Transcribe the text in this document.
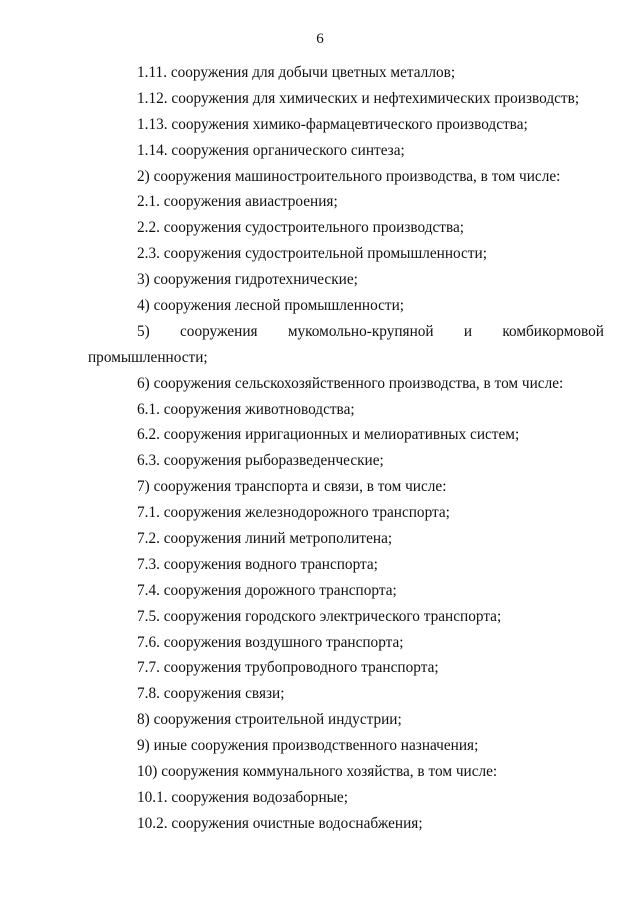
6
1.11. сооружения для добычи цветных металлов;
1.12. сооружения для химических и нефтехимических производств;
1.13. сооружения химико-фармацевтического производства;
1.14. сооружения органического синтеза;
2) сооружения машиностроительного производства, в том числе:
2.1. сооружения авиастроения;
2.2. сооружения судостроительного производства;
2.3. сооружения судостроительной промышленности;
3) сооружения гидротехнические;
4) сооружения лесной промышленности;
5) сооружения мукомольно-крупяной и комбикормовой
промышленности;
6) сооружения сельскохозяйственного производства, в том числе:
6.1. сооружения животноводства;
6.2. сооружения ирригационных и мелиоративных систем;
6.3. сооружения рыборазведенческие;
7) сооружения транспорта и связи, в том числе:
7.1. сооружения железнодорожного транспорта;
7.2. сооружения линий метрополитена;
7.3. сооружения водного транспорта;
7.4. сооружения дорожного транспорта;
7.5. сооружения городского электрического транспорта;
7.6. сооружения воздушного транспорта;
7.7. сооружения трубопроводного транспорта;
7.8. сооружения связи;
8) сооружения строительной индустрии;
9) иные сооружения производственного назначения;
10) сооружения коммунального хозяйства, в том числе:
10.1. сооружения водозаборные;
10.2. сооружения очистные водоснабжения;
